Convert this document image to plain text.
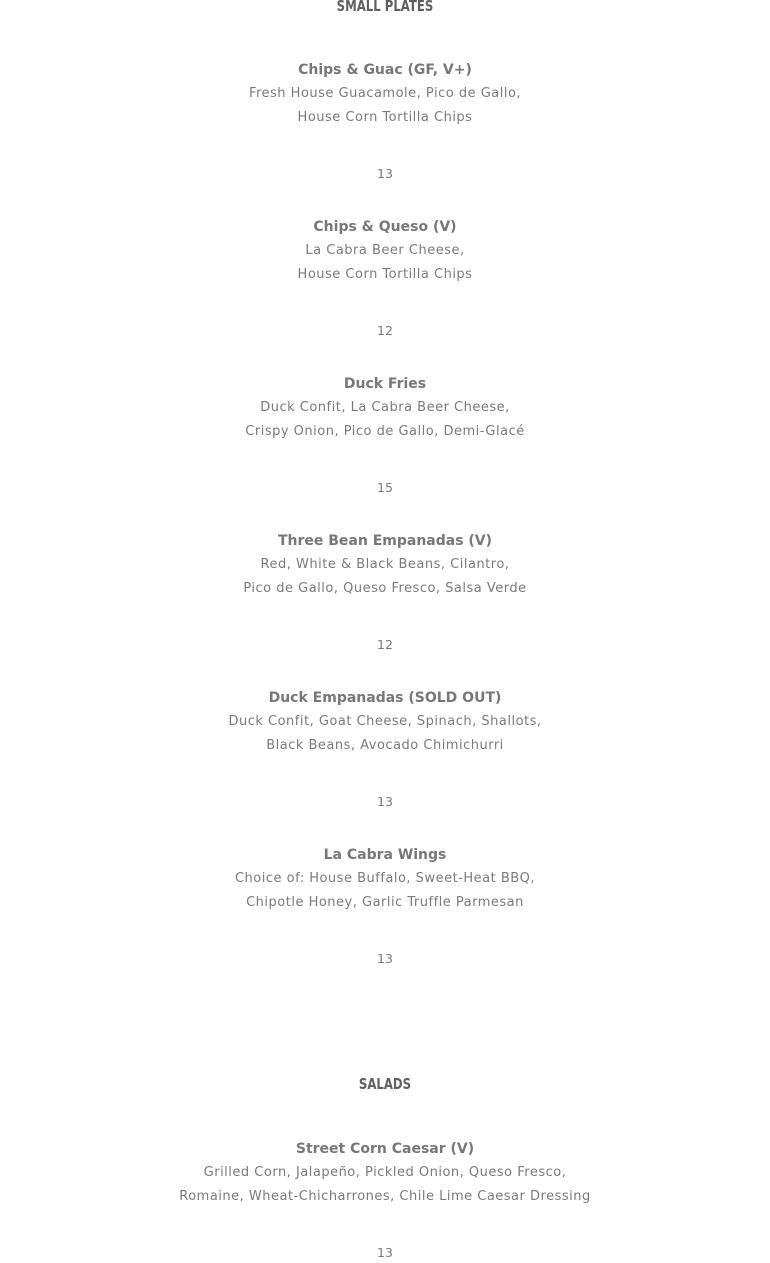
SMALL PLATES
Chips & Guac (GF, V+)
Fresh House Guacamole, Pico de Gallo,
House Corn Tortilla Chips
13
Chips & Queso (V)
La Cabra Beer Cheese,
House Corn Tortilla Chips
12
Duck Fries
Duck Confit, La Cabra Beer Cheese,
Crispy Onion, Pico de Gallo, Demi-Glacé
15
Three Bean Empanadas (V)
Red, White & Black Beans, Cilantro,
Pico de Gallo, Queso Fresco, Salsa Verde
12
Duck Empanadas (SOLD OUT)
Duck Confit, Goat Cheese, Spinach, Shallots,
Black Beans, Avocado Chimichurri
13
La Cabra Wings
Choice of: House Buffalo, Sweet-Heat BBQ,
Chipotle Honey, Garlic Truffle Parmesan
13
SALADS
Street Corn Caesar (V)
Grilled Corn, Jalapeño, Pickled Onion, Queso Fresco,
Romaine, Wheat-Chicharrones, Chile Lime Caesar Dressing
13
